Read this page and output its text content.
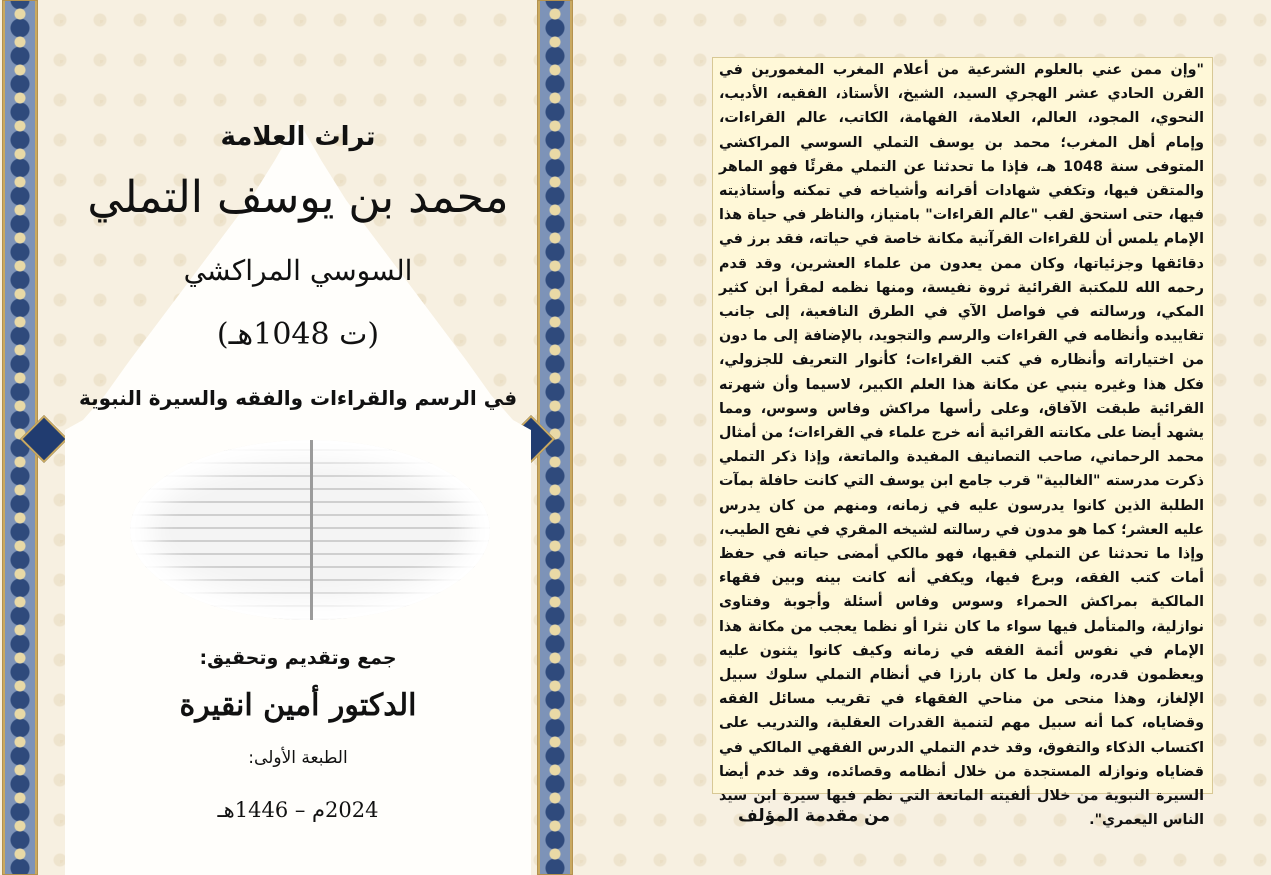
تراث العلامة
محمد بن يوسف التملي
السوسي المراكشي
(ت 1048هـ)
في الرسم والقراءات والفقه والسيرة النبوية
جمع وتقديم وتحقيق:
الدكتور أمين انقيرة
الطبعة الأولى:
2024م – 1446هـ

"وإن ممن عني بالعلوم الشرعية من أعلام المغرب المغمورين في القرن الحادي عشر الهجري السيد، الشيخ، الأستاذ، الفقيه، الأديب، النحوي، المجود، العالم، العلامة، الفهامة، الكاتب، عالم القراءات، وإمام أهل المغرب؛ محمد بن يوسف التملي السوسي المراكشي المتوفى سنة 1048 هـ، فإذا ما تحدثنا عن التملي مقرئًا فهو الماهر والمتقن فيها، وتكفي شهادات أقرانه وأشياخه في تمكنه وأستاذيته فيها، حتى استحق لقب "عالم القراءات" بامتياز، والناظر في حياة هذا الإمام يلمس أن للقراءات القرآنية مكانة خاصة في حياته، فقد برز في دقائقها وجزئياتها، وكان ممن يعدون من علماء العشرين، وقد قدم رحمه الله للمكتبة القرائية ثروة نفيسة، ومنها نظمه لمقرأ ابن كثير المكي، ورسالته في فواصل الآي في الطرق النافعية، إلى جانب تقاييده وأنظامه في القراءات والرسم والتجويد، بالإضافة إلى ما دون من اختياراته وأنظاره في كتب القراءات؛ كأنوار التعريف للجزولي، فكل هذا وغيره ينبي عن مكانة هذا العلم الكبير، لاسيما وأن شهرته القرائية طبقت الآفاق، وعلى رأسها مراكش وفاس وسوس، ومما يشهد أيضا على مكانته القرائية أنه خرج علماء في القراءات؛ من أمثال محمد الرحماني، صاحب التصانيف المفيدة والماتعة، وإذا ذكر التملي ذكرت مدرسته "الغالبية" قرب جامع ابن يوسف التي كانت حافلة بمآت الطلبة الذين كانوا يدرسون عليه في زمانه، ومنهم من كان يدرس عليه العشر؛ كما هو مدون في رسالته لشيخه المقري في نفح الطيب، وإذا ما تحدثنا عن التملي فقيها، فهو مالكي أمضى حياته في حفظ أمات كتب الفقه، وبرع فيها، ويكفي أنه كانت بينه وبين فقهاء المالكية بمراكش الحمراء وسوس وفاس أسئلة وأجوبة وفتاوى نوازلية، والمتأمل فيها سواء ما كان نثرا أو نظما يعجب من مكانة هذا الإمام في نفوس أئمة الفقه في زمانه وكيف كانوا يثنون عليه ويعظمون قدره، ولعل ما كان بارزا في أنظام التملي سلوك سبيل الإلغاز، وهذا منحى من مناحي الفقهاء في تقريب مسائل الفقه وقضاياه، كما أنه سبيل مهم لتنمية القدرات العقلية، والتدريب على اكتساب الذكاء والتفوق، وقد خدم التملي الدرس الفقهي المالكي في قضاياه ونوازله المستجدة من خلال أنظامه وقصائده، وقد خدم أيضا السيرة النبوية من خلال ألفيته الماتعة التي نظم فيها سيرة ابن سيد الناس اليعمري".

من مقدمة المؤلف
